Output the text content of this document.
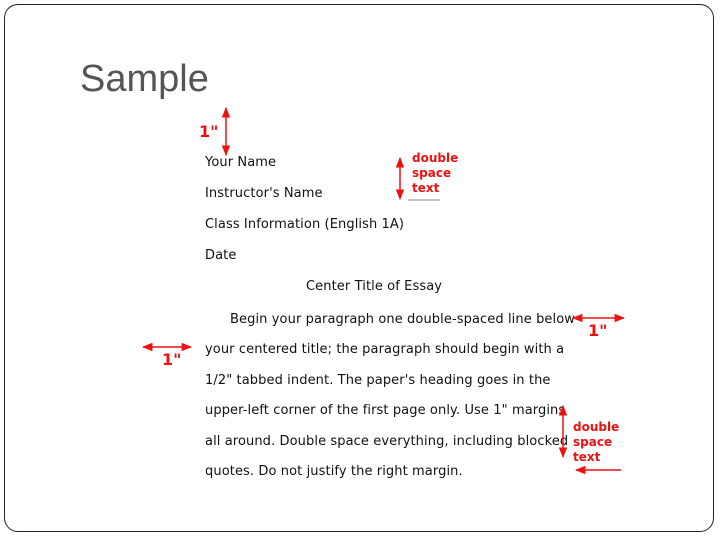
Sample
Your Name
Instructor's Name
Class Information (English 1A)
Date
Center Title of Essay
Begin your paragraph one double-spaced line below
your centered title; the paragraph should begin with a
1/2" tabbed indent. The paper's heading goes in the
upper-left corner of the first page only. Use 1" margins
all around. Double space everything, including blocked
quotes. Do not justify the right margin.
1"
1"
1"
double
space
text
double
space
text
